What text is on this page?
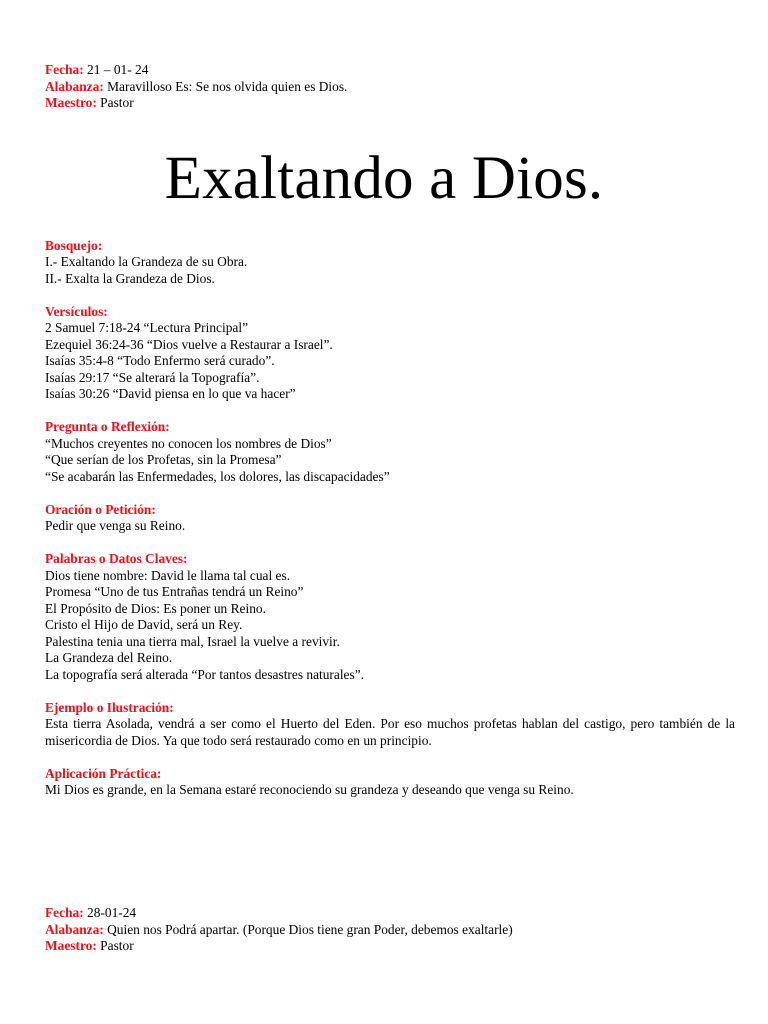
Fecha: 21 – 01- 24
Alabanza: Maravilloso Es: Se nos olvida quien es Dios.
Maestro: Pastor
Exaltando a Dios.
Bosquejo:
I.- Exaltando la Grandeza de su Obra.
II.- Exalta la Grandeza de Dios.
Versículos:
2 Samuel 7:18-24 “Lectura Principal”
Ezequiel 36:24-36 “Dios vuelve a Restaurar a Israel”.
Isaías 35:4-8 “Todo Enfermo será curado”.
Isaías 29:17 “Se alterará la Topografía”.
Isaías 30:26 “David piensa en lo que va hacer”
Pregunta o Reflexión:
“Muchos creyentes no conocen los nombres de Dios”
“Que serían de los Profetas, sin la Promesa”
“Se acabarán las Enfermedades, los dolores, las discapacidades”
Oración o Petición:
Pedir que venga su Reino.
Palabras o Datos Claves:
Dios tiene nombre: David le llama tal cual es.
Promesa “Uno de tus Entrañas tendrá un Reino”
El Propósito de Dios: Es poner un Reino.
Cristo el Hijo de David, será un Rey.
Palestina tenia una tierra mal, Israel la vuelve a revivir.
La Grandeza del Reino.
La topografía será alterada “Por tantos desastres naturales”.
Ejemplo o Ilustración:
Esta tierra Asolada, vendrá a ser como el Huerto del Eden. Por eso muchos profetas hablan del castigo, pero también de la misericordia de Dios. Ya que todo será restaurado como en un principio.
Aplicación Práctica:
Mi Dios es grande, en la Semana estaré reconociendo su grandeza y deseando que venga su Reino.
Fecha: 28-01-24
Alabanza: Quien nos Podrá apartar. (Porque Dios tiene gran Poder, debemos exaltarle)
Maestro: Pastor
